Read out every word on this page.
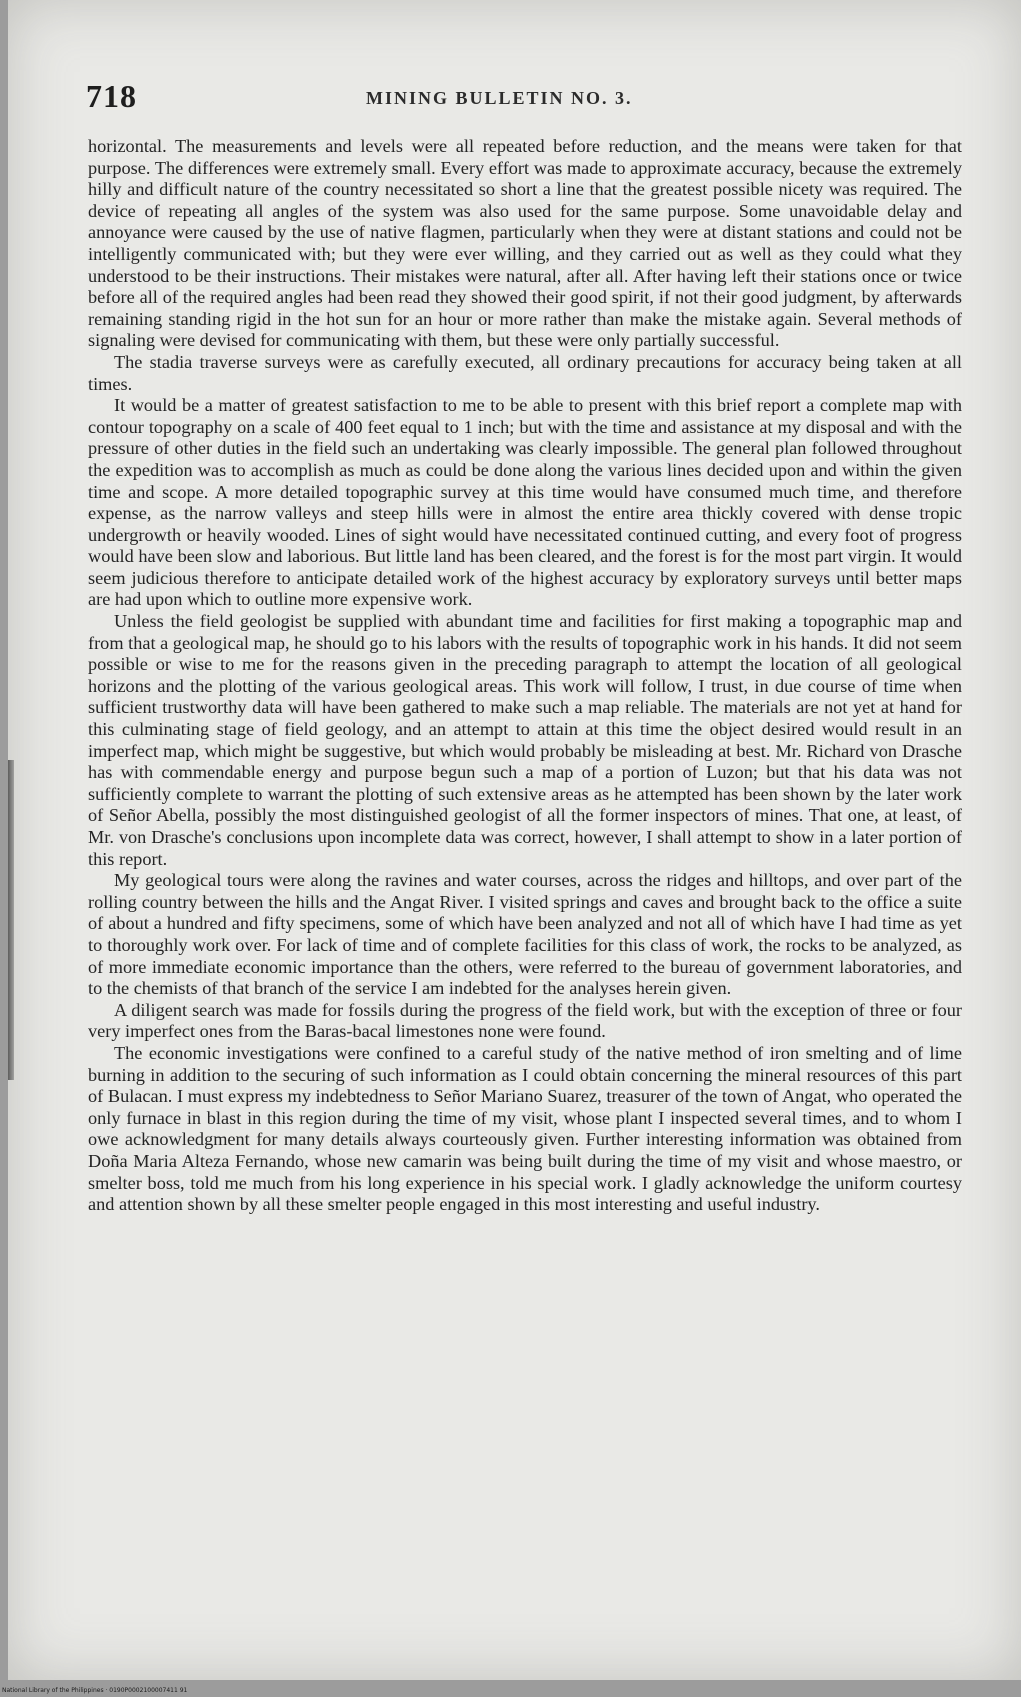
718	MINING BULLETIN NO. 3.

horizontal. The measurements and levels were all repeated before reduction, and the means were taken for that purpose. The differences were extremely small. Every effort was made to approximate accuracy, because the extremely hilly and difficult nature of the country necessitated so short a line that the greatest possible nicety was required. The device of repeating all angles of the system was also used for the same purpose. Some unavoidable delay and annoyance were caused by the use of native flagmen, particularly when they were at distant stations and could not be intelligently communicated with; but they were ever willing, and they carried out as well as they could what they understood to be their instructions. Their mistakes were natural, after all. After having left their stations once or twice before all of the required angles had been read they showed their good spirit, if not their good judgment, by afterwards remaining standing rigid in the hot sun for an hour or more rather than make the mistake again. Several methods of signaling were devised for communicating with them, but these were only partially successful.

The stadia traverse surveys were as carefully executed, all ordinary precautions for accuracy being taken at all times.

It would be a matter of greatest satisfaction to me to be able to present with this brief report a complete map with contour topography on a scale of 400 feet equal to 1 inch; but with the time and assistance at my disposal and with the pressure of other duties in the field such an undertaking was clearly impossible. The general plan followed throughout the expedition was to accomplish as much as could be done along the various lines decided upon and within the given time and scope. A more detailed topographic survey at this time would have consumed much time, and therefore expense, as the narrow valleys and steep hills were in almost the entire area thickly covered with dense tropic undergrowth or heavily wooded. Lines of sight would have necessitated continued cutting, and every foot of progress would have been slow and laborious. But little land has been cleared, and the forest is for the most part virgin. It would seem judicious therefore to anticipate detailed work of the highest accuracy by exploratory surveys until better maps are had upon which to outline more expensive work.

Unless the field geologist be supplied with abundant time and facilities for first making a topographic map and from that a geological map, he should go to his labors with the results of topographic work in his hands. It did not seem possible or wise to me for the reasons given in the preceding paragraph to attempt the location of all geological horizons and the plotting of the various geological areas. This work will follow, I trust, in due course of time when sufficient trustworthy data will have been gathered to make such a map reliable. The materials are not yet at hand for this culminating stage of field geology, and an attempt to attain at this time the object desired would result in an imperfect map, which might be suggestive, but which would probably be misleading at best. Mr. Richard von Drasche has with commendable energy and purpose begun such a map of a portion of Luzon; but that his data was not sufficiently complete to warrant the plotting of such extensive areas as he attempted has been shown by the later work of Señor Abella, possibly the most distinguished geologist of all the former inspectors of mines. That one, at least, of Mr. von Drasche's conclusions upon incomplete data was correct, however, I shall attempt to show in a later portion of this report.

My geological tours were along the ravines and water courses, across the ridges and hilltops, and over part of the rolling country between the hills and the Angat River. I visited springs and caves and brought back to the office a suite of about a hundred and fifty specimens, some of which have been analyzed and not all of which have I had time as yet to thoroughly work over. For lack of time and of complete facilities for this class of work, the rocks to be analyzed, as of more immediate economic importance than the others, were referred to the bureau of government laboratories, and to the chemists of that branch of the service I am indebted for the analyses herein given.

A diligent search was made for fossils during the progress of the field work, but with the exception of three or four very imperfect ones from the Baras-bacal limestones none were found.

The economic investigations were confined to a careful study of the native method of iron smelting and of lime burning in addition to the securing of such information as I could obtain concerning the mineral resources of this part of Bulacan. I must express my indebtedness to Señor Mariano Suarez, treasurer of the town of Angat, who operated the only furnace in blast in this region during the time of my visit, whose plant I inspected several times, and to whom I owe acknowledgment for many details always courteously given. Further interesting information was obtained from Doña Maria Alteza Fernando, whose new camarin was being built during the time of my visit and whose maestro, or smelter boss, told me much from his long experience in his special work. I gladly acknowledge the uniform courtesy and attention shown by all these smelter people engaged in this most interesting and useful industry.

National Library of the Philippines · 0190P0002100007411 91
